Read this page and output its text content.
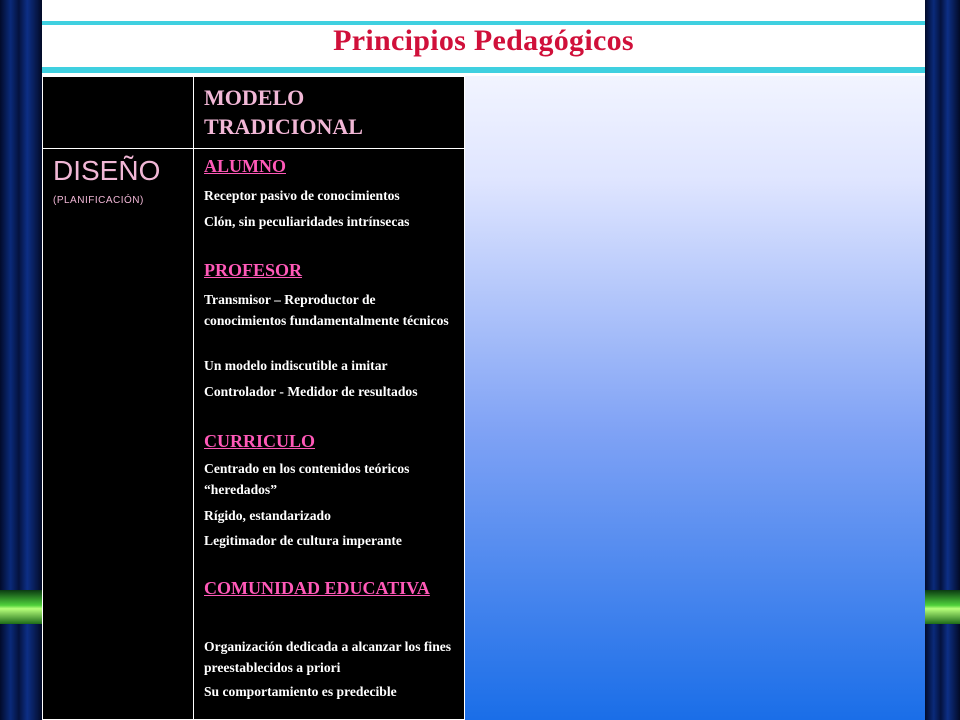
Principios Pedagógicos
MODELO TRADICIONAL
DISEÑO
(PLANIFICACIÓN)
ALUMNO
Receptor pasivo de conocimientos
Clón, sin peculiaridades intrínsecas
PROFESOR
Transmisor – Reproductor de conocimientos fundamentalmente técnicos
Un modelo indiscutible a imitar
Controlador - Medidor de resultados
CURRICULO
Centrado en los contenidos teóricos “heredados”
Rígido, estandarizado
Legitimador de cultura imperante
COMUNIDAD EDUCATIVA
Organización dedicada a alcanzar los fines preestablecidos a priori
Su comportamiento es predecible
